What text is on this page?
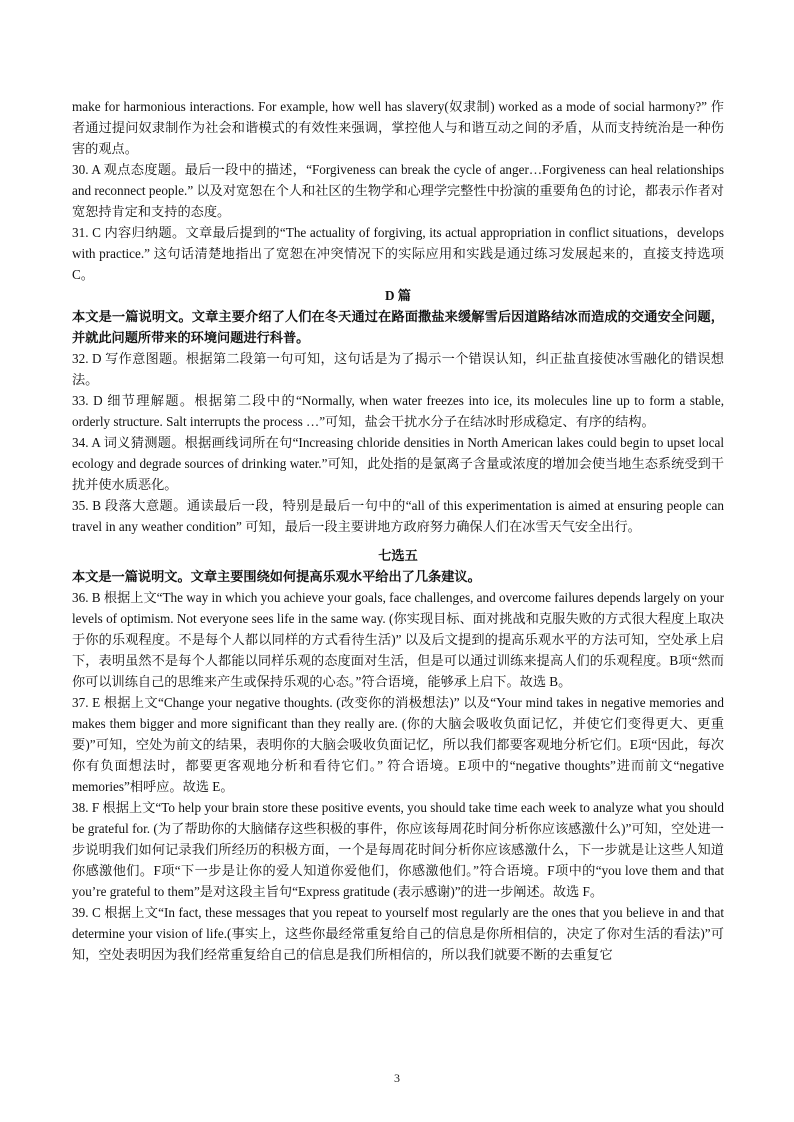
make for harmonious interactions. For example, how well has slavery(奴隶制) worked as a mode of social harmony?” 作者通过提问奴隶制作为社会和谐模式的有效性来强调，掌控他人与和谐互动之间的矛盾，从而支持统治是一种伤害的观点。

30. A 观点态度题。最后一段中的描述，“Forgiveness can break the cycle of anger…Forgiveness can heal relationships and reconnect people.” 以及对宽恕在个人和社区的生物学和心理学完整性中扮演的重要角色的讨论，都表示作者对宽恕持肯定和支持的态度。

31. C 内容归纳题。文章最后提到的“The actuality of forgiving, its actual appropriation in conflict situations，develops with practice.” 这句话清楚地指出了宽恕在冲突情况下的实际应用和实践是通过练习发展起来的，直接支持选项C。

D 篇

本文是一篇说明文。文章主要介绍了人们在冬天通过在路面撒盐来缓解雪后因道路结冰而造成的交通安全问题，并就此问题所带来的环境问题进行科普。

32. D 写作意图题。根据第二段第一句可知，这句话是为了揭示一个错误认知，纠正盐直接使冰雪融化的错误想法。

33. D 细节理解题。根据第二段中的“Normally, when water freezes into ice, its molecules line up to form a stable, orderly structure. Salt interrupts the process …”可知，盐会干扰水分子在结冰时形成稳定、有序的结构。

34. A 词义猜测题。根据画线词所在句“Increasing chloride densities in North American lakes could begin to upset local ecology and degrade sources of drinking water.”可知，此处指的是氯离子含量或浓度的增加会使当地生态系统受到干扰并使水质恶化。

35. B 段落大意题。通读最后一段，特别是最后一句中的“all of this experimentation is aimed at ensuring people can travel in any weather condition” 可知，最后一段主要讲地方政府努力确保人们在冰雪天气安全出行。

七选五

本文是一篇说明文。文章主要围绕如何提高乐观水平给出了几条建议。

36. B 根据上文“The way in which you achieve your goals, face challenges, and overcome failures depends largely on your levels of optimism. Not everyone sees life in the same way. (你实现目标、面对挑战和克服失败的方式很大程度上取决于你的乐观程度。不是每个人都以同样的方式看待生活)” 以及后文提到的提高乐观水平的方法可知，空处承上启下，表明虽然不是每个人都能以同样乐观的态度面对生活，但是可以通过训练来提高人们的乐观程度。B项“然而你可以训练自己的思维来产生或保持乐观的心态。”符合语境，能够承上启下。故选 B。

37. E 根据上文“Change your negative thoughts. (改变你的消极想法)” 以及“Your mind takes in negative memories and makes them bigger and more significant than they really are. (你的大脑会吸收负面记忆，并使它们变得更大、更重要)”可知，空处为前文的结果，表明你的大脑会吸收负面记忆，所以我们都要客观地分析它们。E项“因此，每次你有负面想法时，都要更客观地分析和看待它们。” 符合语境。E项中的“negative thoughts”进而前文“negative memories”相呼应。故选 E。

38. F 根据上文“To help your brain store these positive events, you should take time each week to analyze what you should be grateful for. (为了帮助你的大脑储存这些积极的事件，你应该每周花时间分析你应该感激什么)”可知，空处进一步说明我们如何记录我们所经历的积极方面，一个是每周花时间分析你应该感激什么，下一步就是让这些人知道你感激他们。F项“下一步是让你的爱人知道你爱他们，你感激他们。”符合语境。F项中的“you love them and that you’re grateful to them”是对这段主旨句“Express gratitude (表示感谢)”的进一步阐述。故选 F。

39. C 根据上文“In fact, these messages that you repeat to yourself most regularly are the ones that you believe in and that determine your vision of life.(事实上，这些你最经常重复给自己的信息是你所相信的，决定了你对生活的看法)”可知，空处表明因为我们经常重复给自己的信息是我们所相信的，所以我们就要不断的去重复它

3
